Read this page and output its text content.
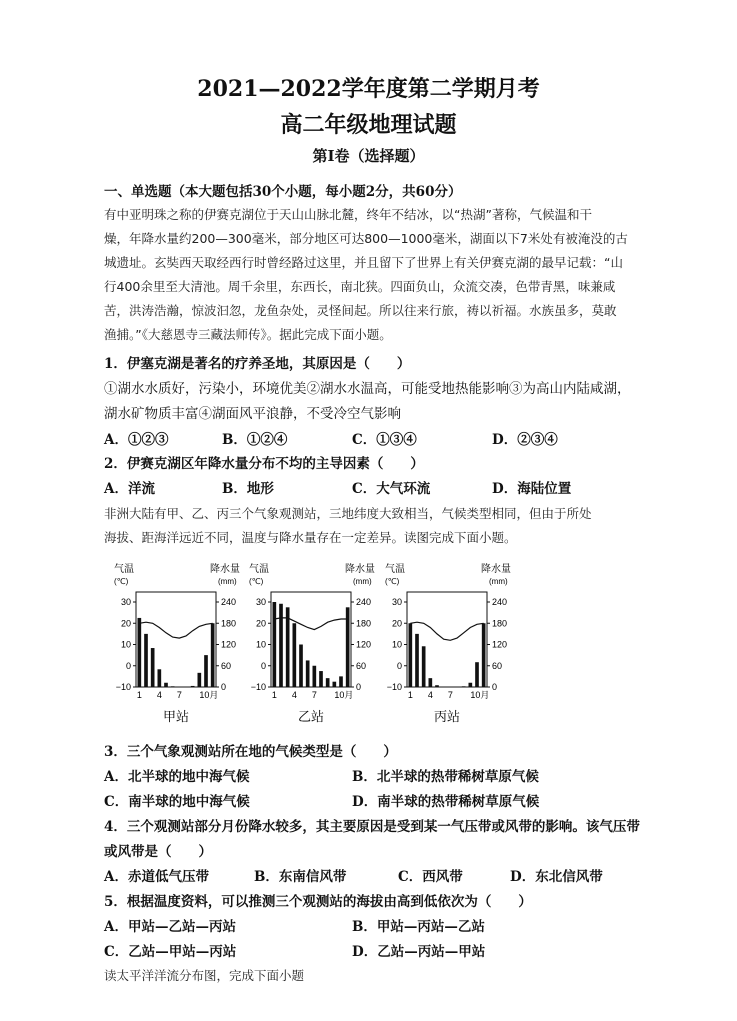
2021—2022学年度第二学期月考
高二年级地理试题
第Ⅰ卷（选择题）
一、单选题（本大题包括30个小题，每小题2分，共60分）
有中亚明珠之称的伊赛克湖位于天山山脉北麓，终年不结冰，以“热湖”著称，气候温和干
燥，年降水量约200—300毫米，部分地区可达800—1000毫米，湖面以下7米处有被淹没的古
城遗址。玄奘西天取经西行时曾经路过这里，并且留下了世界上有关伊赛克湖的最早记载：“山
行400余里至大清池。周千余里，东西长，南北狭。四面负山，众流交凑，色带青黑，味兼咸
苦，洪涛浩瀚，惊波汩忽，龙鱼杂处，灵怪间起。所以往来行旅，祷以祈福。水族虽多，莫敢
渔捕。”《大慈恩寺三藏法师传》。据此完成下面小题。
1．伊塞克湖是著名的疗养圣地，其原因是（　　）
①湖水水质好，污染小，环境优美②湖水水温高，可能受地热能影响③为高山内陆咸湖，
湖水矿物质丰富④湖面风平浪静，不受冷空气影响
A．①②③	B．①②④	C．①③④	D．②③④
2．伊赛克湖区年降水量分布不均的主导因素（　　）
A．洋流	B．地形	C．大气环流	D．海陆位置
非洲大陆有甲、乙、丙三个气象观测站，三地纬度大致相当，气候类型相同，但由于所处
海拔、距海洋远近不同，温度与降水量存在一定差异。读图完成下面小题。
气温
(℃)
降水量
(mm)
30
20
10
0
−10
240
180
120
60
0
1 4 7 10月
甲站
气温
(℃)
降水量
(mm)
30
20
10
0
−10
240
180
120
60
0
1 4 7 10月
乙站
气温
(℃)
降水量
(mm)
30
20
10
0
−10
240
180
120
60
0
1 4 7 10月
丙站
3．三个气象观测站所在地的气候类型是（　　）
A．北半球的地中海气候	B．北半球的热带稀树草原气候
C．南半球的地中海气候	D．南半球的热带稀树草原气候
4．三个观测站部分月份降水较多，其主要原因是受到某一气压带或风带的影响。该气压带
或风带是（　　）
A．赤道低气压带	B．东南信风带	C．西风带	D．东北信风带
5．根据温度资料，可以推测三个观测站的海拔由高到低依次为（　　）
A．甲站—乙站—丙站	B．甲站—丙站—乙站
C．乙站—甲站—丙站	D．乙站—丙站—甲站
读太平洋洋流分布图，完成下面小题
